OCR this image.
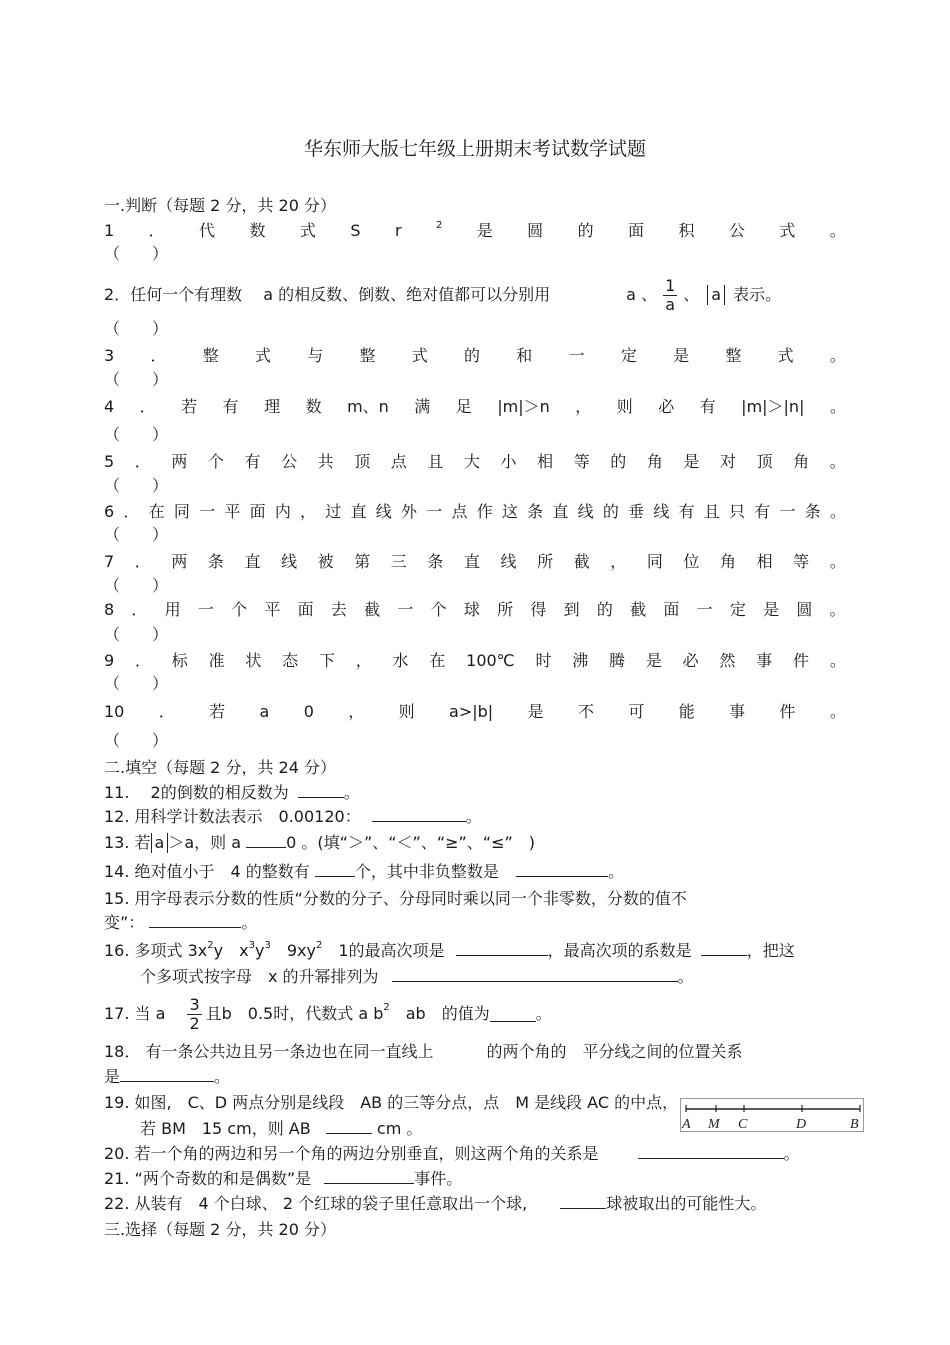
华东师大版七年级上册期末考试数学试题
一.判断（每题 2 分，共 20 分）
1 ． 代 数 式 S r	2 是 圆 的 面 积 公 式 。
（　　）
2．任何一个有理数　 a 的相反数、倒数、绝对值都可以分别用	a 、 $\frac{1}{a}$ 、 a 表示。
（　　）
3 ． 整 式 与 整 式 的 和 一 定 是 整 式 。
（　　）
4 ． 若 有 理 数 m、n 满 足 |m|＞n ， 则 必 有 |m|＞|n| 。
（　　）
5 ． 两 个 有 公 共 顶 点 且 大 小 相 等 的 角 是 对 顶 角 。
（　　）
6 ． 在 同 一 平 面 内 ， 过 直 线 外 一 点 作 这 条 直 线 的 垂 线 有 且 只 有 一 条 。
（　　）
7 ． 两 条 直 线 被 第 三 条 直 线 所 截 ， 同 位 角 相 等 。
（　　）
8 ． 用 一 个 平 面 去 截 一 个 球 所 得 到 的 截 面 一 定 是 圆 。
（　　）
9 ． 标 准 状 态 下 ， 水 在 100℃ 时 沸 腾 是 必 然 事 件 。
（　　）
10 ． 若 a 0 ， 则 a>|b| 是 不 可 能 事 件 。
（　　）
二.填空（每题 2 分，共 24 分）
11.　 2的倒数的相反数为	。
12. 用科学计数法表示　0.00120：	。
13. 若 a ＞a，则 a	0 。(填“＞”、“＜”、“≥”、“≤”　)
14. 绝对值小于　4 的整数有	个，其中非负整数是	。
15. 用字母表示分数的性质“分数的分子、分母同时乘以同一个非零数，分数的值不
变”：	。
16. 多项式 $3x^2y$　$x^3y^3$　$9xy^2$　1的最高次项是	，最高次项的系数是	，把这
个多项式按字母　x 的升幂排列为	。
17. 当 a $\frac{3}{2}$ 且b　0.5时，代数式 a b 2 　ab　的值为	。
18． 有一条公共边且另一条边也在同一直线上　　　 的两个角的　平分线之间的位置关系
是	。
19. 如图,　C、D 两点分别是线段　AB 的三等分点，点　M 是线段 AC 的中点，
若 BM　15 cm，则 AB	cm 。	A M C	D	B
20. 若一个角的两边和另一个角的两边分别垂直，则这两个角的关系是	。
21. “两个奇数的和是偶数”是	事件。
22. 从装有　4 个白球、 2 个红球的袋子里任意取出一个球,	球被取出的可能性大。
三.选择（每题 2 分，共 20 分）
